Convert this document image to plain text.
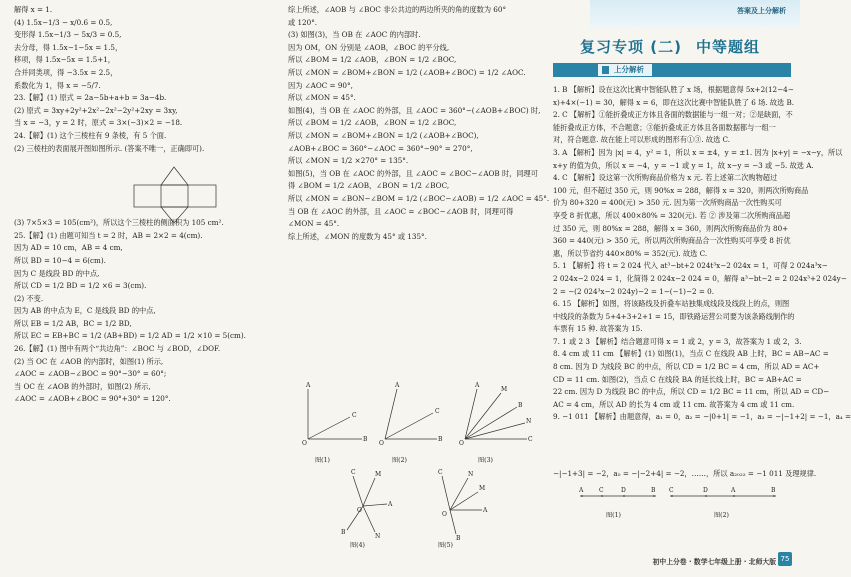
答案及上分解析
解得 x = 1.
(4) 1.5x−1/3 − x/0.6 = 0.5,
变形得 1.5x−1/3 − 5x/3 = 0.5,
去分母，得 1.5x−1−5x = 1.5，
移项，得 1.5x−5x = 1.5+1，
合并同类项，得 −3.5x = 2.5，
系数化为 1，得 x = −5/7.
23.【解】(1) 原式 = 2a−5b+a+b = 3a−4b.
(2) 原式 = 3xy+2y²+2x²−2x²−2y²+2xy = 3xy,
当 x = −3，y = 2 时，原式 = 3×(−3)×2 = −18.
24.【解】(1) 这个三棱柱有 9 条棱，有 5 个面.
(2) 三棱柱的表面展开图如图所示. (答案不唯一，正确即可).
(3) 7×5×3 = 105(cm²)，所以这个三棱柱的侧面积为 105 cm².
25.【解】(1) 由题可知当 t = 2 时，AB = 2×2 = 4(cm).
因为 AD = 10 cm，AB = 4 cm,
所以 BD = 10−4 = 6(cm).
因为 C 是线段 BD 的中点,
所以 CD = 1/2 BD = 1/2 ×6 = 3(cm).
(2) 不变.
因为 AB 的中点为 E，C 是线段 BD 的中点,
所以 EB = 1/2 AB，BC = 1/2 BD,
所以 EC = EB+BC = 1/2 (AB+BD) = 1/2 AD = 1/2 ×10 = 5(cm).
26.【解】(1) 图中有两个“共边角”：∠BOC 与 ∠BOD，∠DOF.
(2) 当 OC 在 ∠AOB 的内部时，如图(1) 所示,
∠AOC = ∠AOB−∠BOC = 90°−30° = 60°;
当 OC 在 ∠AOB 的外部时，如图(2) 所示,
∠AOC = ∠AOB+∠BOC = 90°+30° = 120°.
综上所述，∠AOB 与 ∠BOC 非公共边的两边所夹的角的度数为 60°
或 120°.
(3) 如图(3)，当 OB 在 ∠AOC 的内部时.
因为 OM，ON 分别是 ∠AOB，∠BOC 的平分线,
所以 ∠BOM = 1/2 ∠AOB，∠BON = 1/2 ∠BOC,
所以 ∠MON = ∠BOM+∠BON = 1/2 (∠AOB+∠BOC) = 1/2 ∠AOC.
因为 ∠AOC = 90°,
所以 ∠MON = 45°.
如图(4)，当 OB 在 ∠AOC 的外部，且 ∠AOC = 360°−(∠AOB+∠BOC) 时,
所以 ∠BOM = 1/2 ∠AOB，∠BON = 1/2 ∠BOC,
所以 ∠MON = ∠BOM+∠BON = 1/2 (∠AOB+∠BOC),
∠AOB+∠BOC = 360°−∠AOC = 360°−90° = 270°,
所以 ∠MON = 1/2 ×270° = 135°.
如图(5)，当 OB 在 ∠AOC 的外部，且 ∠AOC = ∠BOC−∠AOB 时，同理可
得 ∠BOM = 1/2 ∠AOB，∠BON = 1/2 ∠BOC,
所以 ∠MON = ∠BON−∠BOM = 1/2 (∠BOC−∠AOB) = 1/2 ∠AOC = 45°.
当 OB 在 ∠AOC 的外部，且 ∠AOC = ∠BOC−∠AOB 时，同理可得
∠MON = 45°.
综上所述，∠MON 的度数为 45° 或 135°.
A
C
B
O
图(1)
A
C
B
O
图(2)
A
M
B
N
C
O
图(3)
C	M
A
B
N
O
图(4)
C	N
A
M
B
O
图(5)
复习专项 (二) 中等题组
上分解析
1. B 【解析】设在这次比赛中智能队胜了 x 场，根据题意得 5x+2(12−4−
x)+4×(−1) = 30，解得 x = 6，即在这次比赛中智能队胜了 6 场. 故选 B.
2. C 【解析】①能折叠成正方体且各面的数据能与一组一对；②是缺面，不
能折叠成正方体，不合题意；③能折叠成正方体且各面数据都与一组一
对，符合题意. 故在能上可以形成的图形有①③. 故选 C.
3. A 【解析】因为 |x| = 4，y² = 1，所以 x = ±4，y = ±1. 因为 |x+y| = −x−y，所以
x+y 的值为负，所以 x = −4，y = −1 或 y = 1，故 x−y = −3 或 −5. 故选 A.
4. C 【解析】设这第一次所购商品价格为 x 元. 若上述第二次购物超过
100 元，但不超过 350 元，则 90%x = 288，解得 x = 320，则两次所购商品
价为 80+320 = 400(元) > 350 元. 因为第一次所购商品一次性购买可
享受 8 折优惠，所以 400×80% = 320(元). 若 ② 涉及第二次所购商品超
过 350 元，则 80%x = 288，解得 x = 360，则两次所购商品价为 80+
360 = 440(元) > 350 元，所以两次所购商品合一次性购买可享受 8 折优
惠，所以节省约 440×80% = 352(元). 故选 C.
5. 1 【解析】将 t = 2 024 代入 at³−bt+2 024t³x−2 024x = 1，可得 2 024a³x−
2 024x−2 024 = 1，化简得 2 024x−2 024 = 0，解得 a³−bt−2 = 2 024x³+2 024y−
2 = −(2 024³x−2 024y)−2 = 1−(−1)−2 = 0.
6. 15 【解析】如图，将该路线及折叠车站独集成线段及线段上的点，则图
中线段的条数为 5+4+3+2+1 = 15，即铁路运营公司要为该条路线制作的
车票有 15 种. 故答案为 15.
7. 1 或 2 3 【解析】结合题意可得 x = 1 或 2，y = 3，故答案为 1 或 2，3.
8. 4 cm 或 11 cm 【解析】(1) 如图(1)，当点 C 在线段 AB 上时，BC = AB−AC =
8 cm. 因为 D 为线段 BC 的中点，所以 CD = 1/2 BC = 4 cm，所以 AD = AC+
CD = 11 cm. 如图(2)，当点 C 在线段 BA 的延长线上时，BC = AB+AC =
22 cm. 因为 D 为线段 BC 的中点，所以 CD = 1/2 BC = 11 cm，所以 AD = CD−
AC = 4 cm，所以 AD 的长为 4 cm 或 11 cm. 故答案为 4 cm 或 11 cm.
9. −1 011 【解析】由题意得，a₁ = 0，a₂ = −|0+1| = −1，a₃ = −|−1+2| = −1，a₄ =
−|−1+3| = −2，a₅ = −|−2+4| = −2，……，所以 a₂₀₂₂ = −1 011 及理规律.
A	C	D	B
图(1)
C	D	A	B
图(2)
初中上分卷 · 数学七年级上册 · 北师大版 75
